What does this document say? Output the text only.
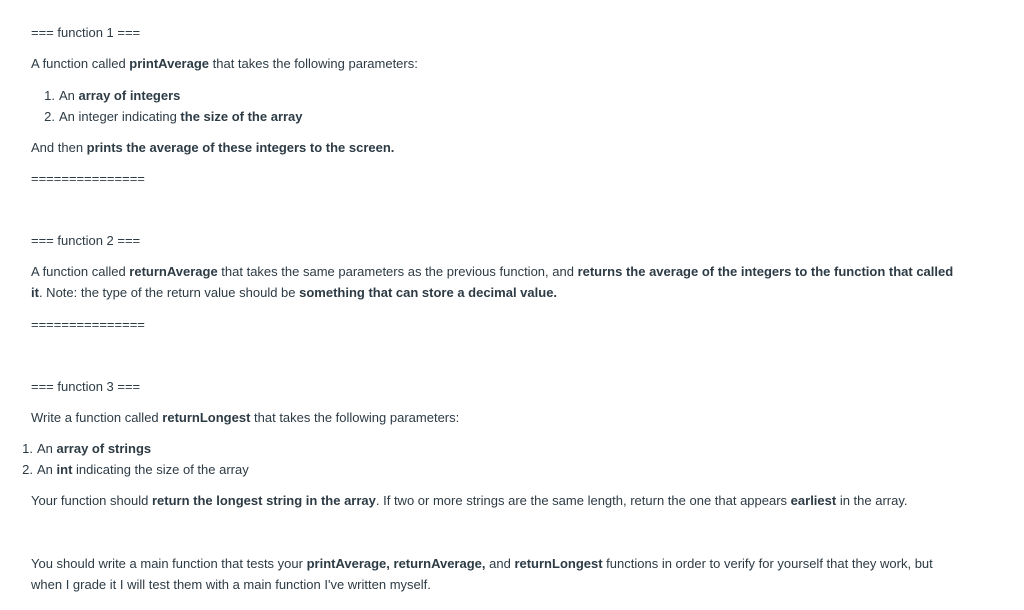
=== function 1 ===

A function called printAverage that takes the following parameters:

1. An array of integers
2. An integer indicating the size of the array

And then prints the average of these integers to the screen.

===============

=== function 2 ===

A function called returnAverage that takes the same parameters as the previous function, and returns the average of the integers to the function that called it. Note: the type of the return value should be something that can store a decimal value.

===============

=== function 3 ===

Write a function called returnLongest that takes the following parameters:

1. An array of strings
2. An int indicating the size of the array

Your function should return the longest string in the array. If two or more strings are the same length, return the one that appears earliest in the array.

You should write a main function that tests your printAverage, returnAverage, and returnLongest functions in order to verify for yourself that they work, but when I grade it I will test them with a main function I've written myself.
